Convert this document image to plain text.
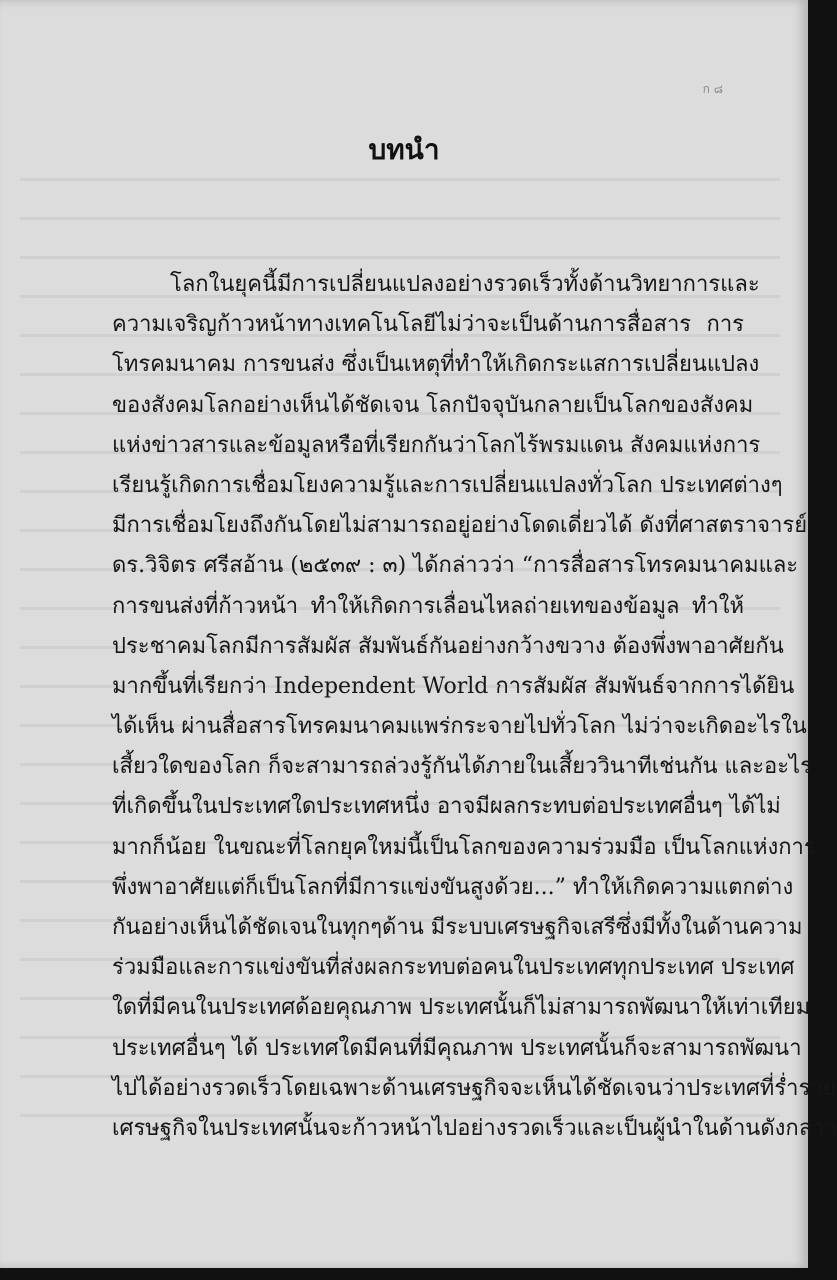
ก ๘
บทนำ
โลกในยุคนี้มีการเปลี่ยนแปลงอย่างรวดเร็วทั้งด้านวิทยาการและ
ความเจริญก้าวหน้าทางเทคโนโลยีไม่ว่าจะเป็นด้านการสื่อสาร การ
โทรคมนาคม การขนส่ง ซึ่งเป็นเหตุที่ทำให้เกิดกระแสการเปลี่ยนแปลง
ของสังคมโลกอย่างเห็นได้ชัดเจน โลกปัจจุบันกลายเป็นโลกของสังคม
แห่งข่าวสารและข้อมูลหรือที่เรียกกันว่าโลกไร้พรมแดน สังคมแห่งการ
เรียนรู้เกิดการเชื่อมโยงความรู้และการเปลี่ยนแปลงทั่วโลก ประเทศต่างๆ
มีการเชื่อมโยงถึงกันโดยไม่สามารถอยู่อย่างโดดเดี่ยวได้ ดังที่ศาสตราจารย์
ดร.วิจิตร ศรีสอ้าน (๒๕๓๙ : ๓) ได้กล่าวว่า “การสื่อสารโทรคมนาคมและ
การขนส่งที่ก้าวหน้า ทำให้เกิดการเลื่อนไหลถ่ายเทของข้อมูล ทำให้
ประชาคมโลกมีการสัมผัส สัมพันธ์กันอย่างกว้างขวาง ต้องพึ่งพาอาศัยกัน
มากขึ้นที่เรียกว่า Independent World การสัมผัส สัมพันธ์จากการได้ยิน
ได้เห็น ผ่านสื่อสารโทรคมนาคมแพร่กระจายไปทั่วโลก ไม่ว่าจะเกิดอะไรใน
เสี้ยวใดของโลก ก็จะสามารถล่วงรู้กันได้ภายในเสี้ยววินาทีเช่นกัน และอะไร
ที่เกิดขึ้นในประเทศใดประเทศหนึ่ง อาจมีผลกระทบต่อประเทศอื่นๆ ได้ไม่
มากก็น้อย ในขณะที่โลกยุคใหม่นี้เป็นโลกของความร่วมมือ เป็นโลกแห่งการ
พึ่งพาอาศัยแต่ก็เป็นโลกที่มีการแข่งขันสูงด้วย...” ทำให้เกิดความแตกต่าง
กันอย่างเห็นได้ชัดเจนในทุกๆด้าน มีระบบเศรษฐกิจเสรีซึ่งมีทั้งในด้านความ
ร่วมมือและการแข่งขันที่ส่งผลกระทบต่อคนในประเทศทุกประเทศ ประเทศ
ใดที่มีคนในประเทศด้อยคุณภาพ ประเทศนั้นก็ไม่สามารถพัฒนาให้เท่าเทียม
ประเทศอื่นๆ ได้ ประเทศใดมีคนที่มีคุณภาพ ประเทศนั้นก็จะสามารถพัฒนา
ไปได้อย่างรวดเร็วโดยเฉพาะด้านเศรษฐกิจจะเห็นได้ชัดเจนว่าประเทศที่ร่ำรวย
เศรษฐกิจในประเทศนั้นจะก้าวหน้าไปอย่างรวดเร็วและเป็นผู้นำในด้านดังกล่าว
